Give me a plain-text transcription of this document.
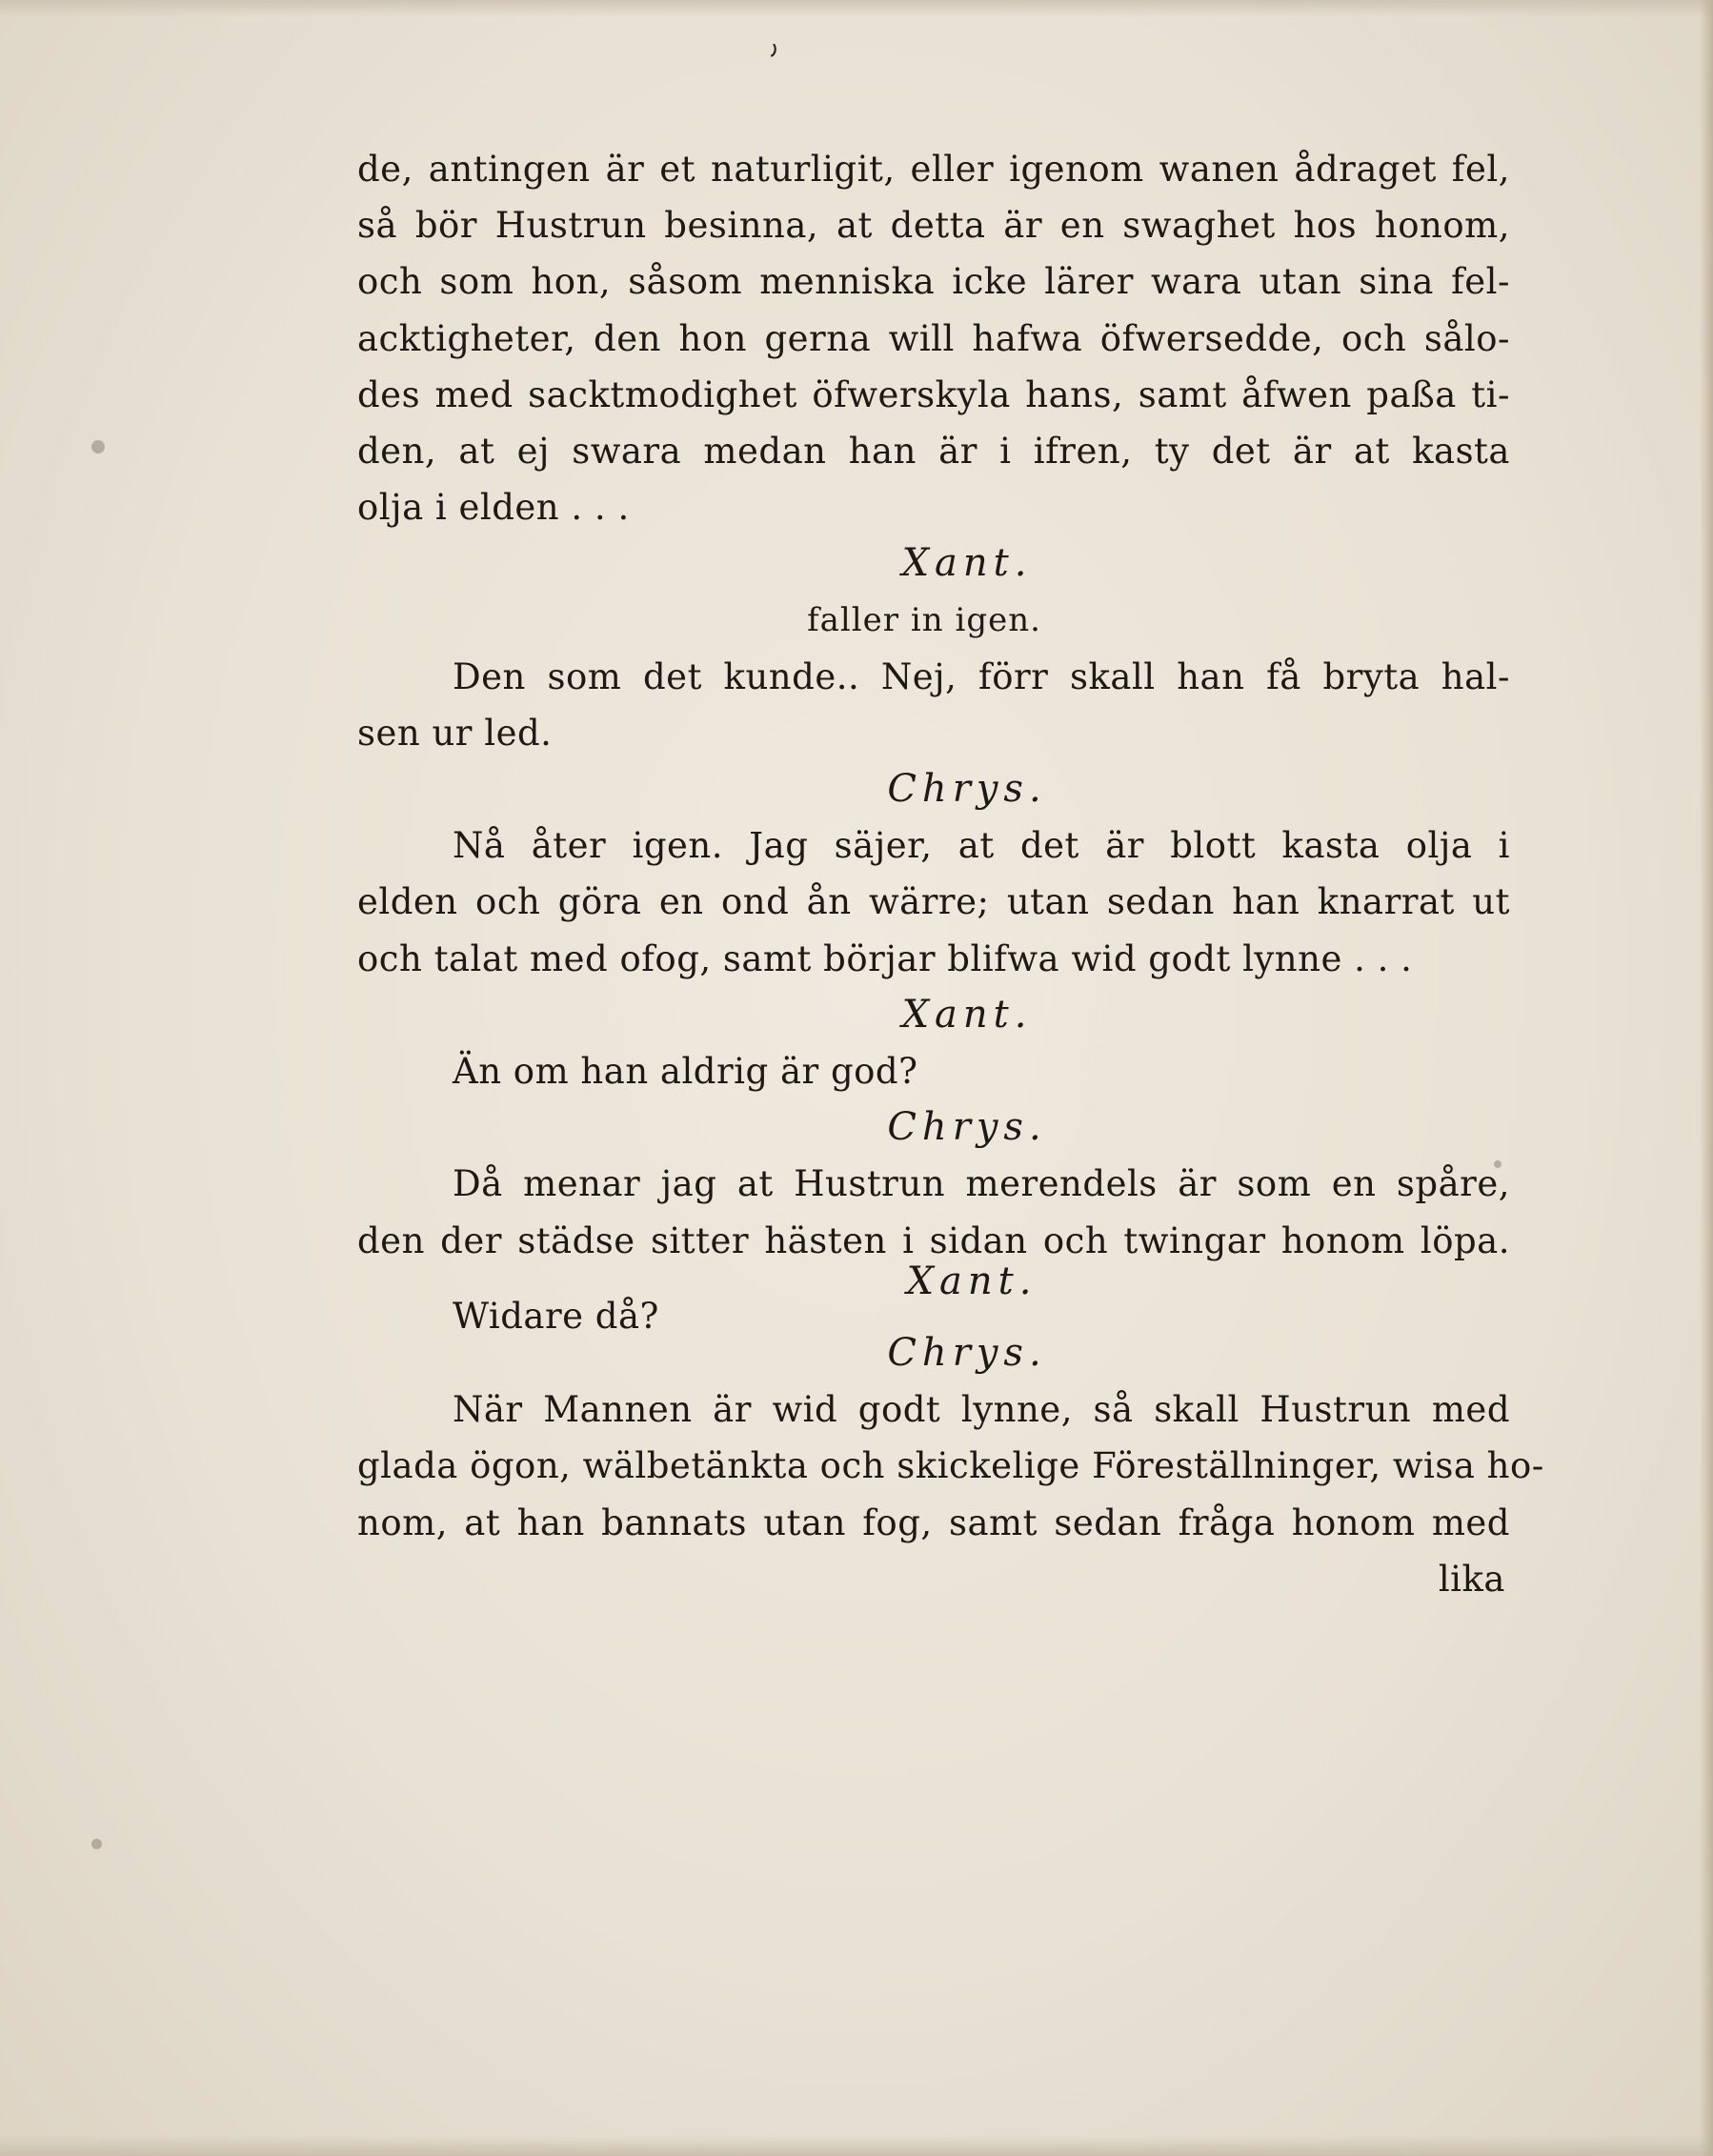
٫
de, antingen är et naturligit, eller igenom wanen ådraget fel,
så bör Hustrun besinna, at detta är en swaghet hos honom,
och som hon, såsom menniska icke lärer wara utan sina fel-
acktigheter, den hon gerna will hafwa öfwersedde, och sålo-
des med sacktmodighet öfwerskyla hans, samt åfwen paßa ti-
den, at ej swara medan han är i ifren, ty det är at kasta
olja i elden . . .
Xant.
faller in igen.
Den som det kunde.. Nej, förr skall han få bryta hal-
sen ur led.
Chrys.
Nå åter igen. Jag säjer, at det är blott kasta olja i
elden och göra en ond ån wärre; utan sedan han knarrat ut
och talat med ofog, samt börjar blifwa wid godt lynne . . .
Xant.
Än om han aldrig är god?
Chrys.
Då menar jag at Hustrun merendels är som en spåre,
den der städse sitter hästen i sidan och twingar honom löpa.
Xant.
Widare då?
Chrys.
När Mannen är wid godt lynne, så skall Hustrun med
glada ögon, wälbetänkta och skickelige Föreställninger, wisa ho-
nom, at han bannats utan fog, samt sedan fråga honom med
lika
